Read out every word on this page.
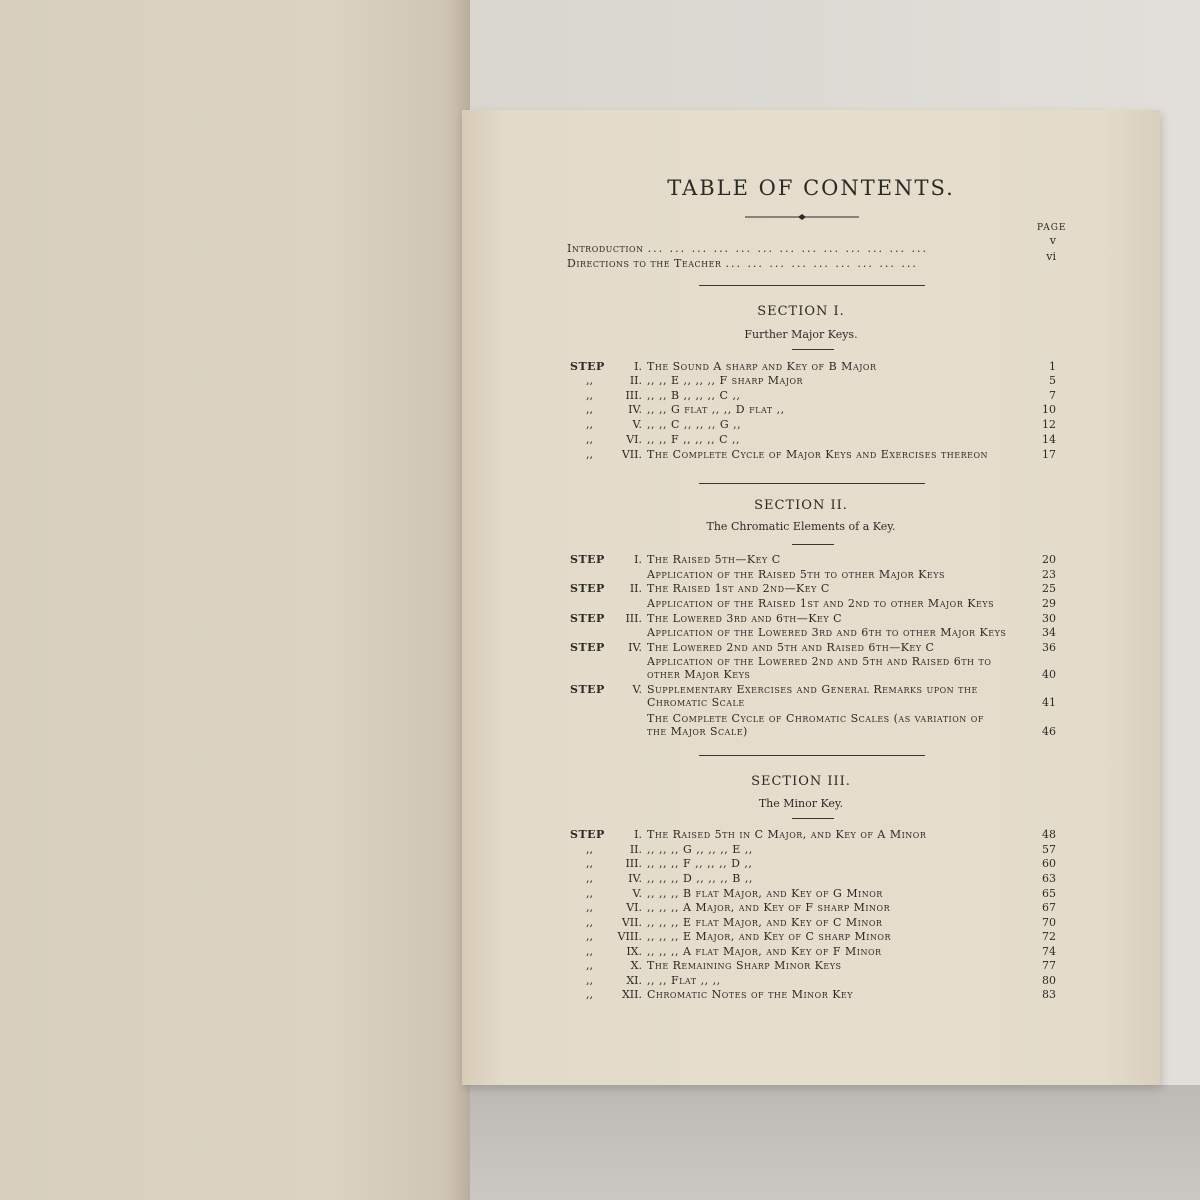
TABLE OF CONTENTS.
PAGE
Introduction ... ... ... ... ... ... ... ... ... ... ... ... ...
v
Directions to the Teacher ... ... ... ... ... ... ... ... ...
vi
SECTION I.
Further Major Keys.
SECTION II.
The Chromatic Elements of a Key.
SECTION III.
The Minor Key.
STEP	I. The Sound A sharp and Key of B Major	1
,,	II. ,, ,, E ,, ,, ,, F sharp Major	5
,,	III. ,, ,, B ,, ,, ,, C ,,	7
,,	IV. ,, ,, G flat ,, ,, D flat ,,	10
,,	V. ,, ,, C ,, ,, ,, G ,,	12
,,	VI. ,, ,, F ,, ,, ,, C ,,	14
,,	VII. The Complete Cycle of Major Keys and Exercises thereon	17
STEP	I. The Raised 5th—Key C	20
Application of the Raised 5th to other Major Keys	23
STEP	II. The Raised 1st and 2nd—Key C	25
Application of the Raised 1st and 2nd to other Major Keys	29
STEP	III. The Lowered 3rd and 6th—Key C	30
Application of the Lowered 3rd and 6th to other Major Keys	34
STEP	IV. The Lowered 2nd and 5th and Raised 6th—Key C	36
Application of the Lowered 2nd and 5th and Raised 6th to
other Major Keys	40
STEP	V. Supplementary Exercises and General Remarks upon the
Chromatic Scale	41
The Complete Cycle of Chromatic Scales (as variation of
the Major Scale)	46
STEP	I. The Raised 5th in C Major, and Key of A Minor	48
,,	II. ,, ,, ,, G ,, ,, ,, E ,,	57
,,	III. ,, ,, ,, F ,, ,, ,, D ,,	60
,,	IV. ,, ,, ,, D ,, ,, ,, B ,,	63
,,	V. ,, ,, ,, B flat Major, and Key of G Minor	65
,,	VI. ,, ,, ,, A Major, and Key of F sharp Minor	67
,,	VII. ,, ,, ,, E flat Major, and Key of C Minor	70
,,	VIII. ,, ,, ,, E Major, and Key of C sharp Minor	72
,,	IX. ,, ,, ,, A flat Major, and Key of F Minor	74
,,	X. The Remaining Sharp Minor Keys	77
,,	XI. ,, ,, Flat ,, ,,	80
,,	XII. Chromatic Notes of the Minor Key	83
